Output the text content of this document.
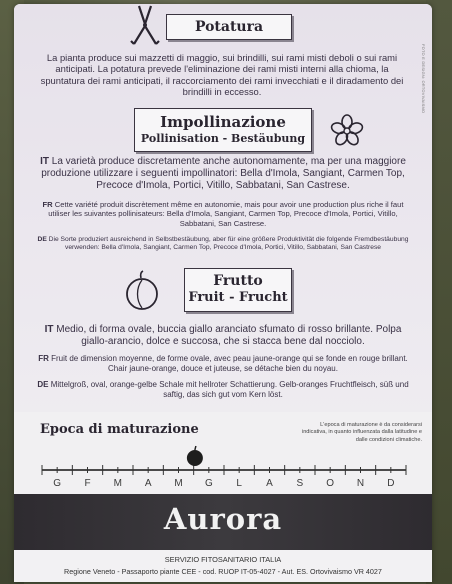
Potatura
La pianta produce sui mazzetti di maggio, sui brindilli, sui rami misti deboli o sui rami anticipati. La potatura prevede l'eliminazione dei rami misti interni alla chioma, la spuntatura dei rami anticipati, il raccorciamento dei rami invecchiati e il diradamento dei brindilli in eccesso.	FOTO E DESIGN: ORTOVIVAISMO
Impollinazione
Pollinisation - Bestäubung
IT La varietà produce discretamente anche autonomamente, ma per una maggiore produzione utilizzare i seguenti impollinatori: Bella d'Imola, Sangiant, Carmen Top, Precoce d'Imola, Portici, Vitillo, Sabbatani, San Castrese.
FR Cette variété produit discrètement même en autonomie, mais pour avoir une production plus riche il faut utiliser les suivantes pollinisateurs: Bella d'Imola, Sangiant, Carmen Top, Precoce d'Imola, Portici, Vitillo, Sabbatani, San Castrese.
DE Die Sorte produziert ausreichend in Selbstbestäubung, aber für eine größere Produktivität die folgende Fremdbestäubung verwenden: Bella d'Imola, Sangiant, Carmen Top, Precoce d'Imola, Portici, Vitillo, Sabbatani, San Castrese
Frutto
Fruit - Frucht
IT Medio, di forma ovale, buccia giallo aranciato sfumato di rosso brillante. Polpa giallo-arancio, dolce e succosa, che si stacca bene dal nocciolo.
FR Fruit de dimension moyenne, de forme ovale, avec peau jaune-orange qui se fonde en rouge brillant. Chair jaune-orange, douce et juteuse, se détache bien du noyau.
DE Mittelgroß, oval, orange-gelbe Schale mit hellroter Schattierung. Gelb-oranges Fruchtfleisch, süß und saftig, das sich gut vom Kern löst.
Epoca di maturazione	L'epoca di maturazione è da considerarsi indicativa, in quanto influenzata dalla latitudine e dalle condizioni climatiche.
G	F	M	A	M	G	L	A	S	O	N	D
Aurora
SERVIZIO FITOSANITARIO ITALIA
Regione Veneto - Passaporto piante CEE - cod. RUOP IT-05-4027 - Aut. ES. Ortovivaismo VR 4027
